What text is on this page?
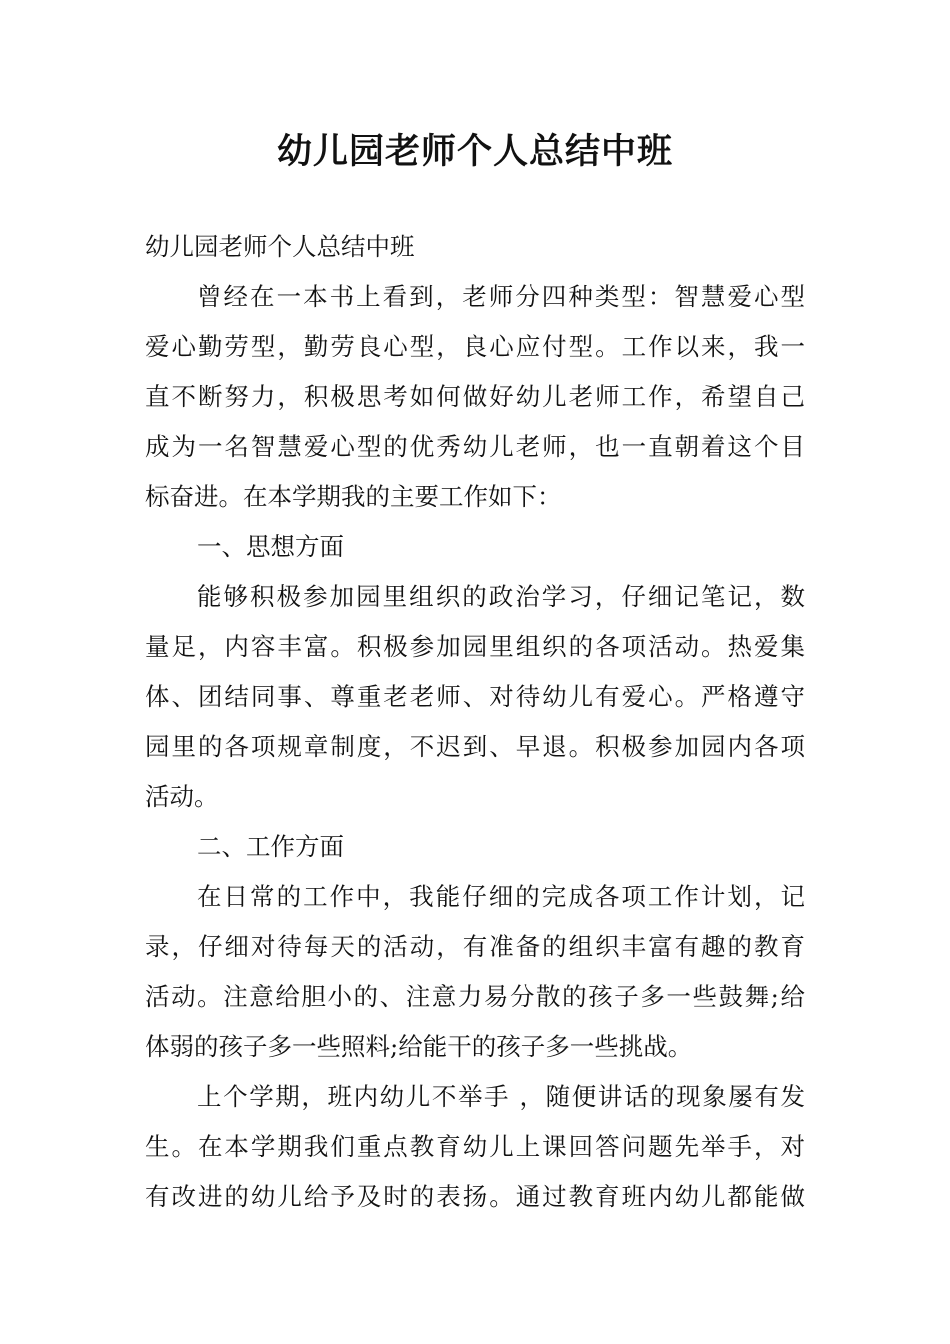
幼儿园老师个人总结中班
幼儿园老师个人总结中班
曾经在一本书上看到，老师分四种类型：智慧爱心型
爱心勤劳型，勤劳良心型，良心应付型。工作以来，我一
直不断努力，积极思考如何做好幼儿老师工作，希望自己
成为一名智慧爱心型的优秀幼儿老师，也一直朝着这个目
标奋进。在本学期我的主要工作如下：
一、思想方面
能够积极参加园里组织的政治学习，仔细记笔记，数
量足，内容丰富。积极参加园里组织的各项活动。热爱集
体、团结同事、尊重老老师、对待幼儿有爱心。严格遵守
园里的各项规章制度，不迟到、早退。积极参加园内各项
活动。
二、工作方面
在日常的工作中，我能仔细的完成各项工作计划，记
录，仔细对待每天的活动，有准备的组织丰富有趣的教育
活动。注意给胆小的、注意力易分散的孩子多一些鼓舞;给
体弱的孩子多一些照料;给能干的孩子多一些挑战。
上个学期，班内幼儿不举手 ，随便讲话的现象屡有发
生。在本学期我们重点教育幼儿上课回答问题先举手，对
有改进的幼儿给予及时的表扬。通过教育班内幼儿都能做
